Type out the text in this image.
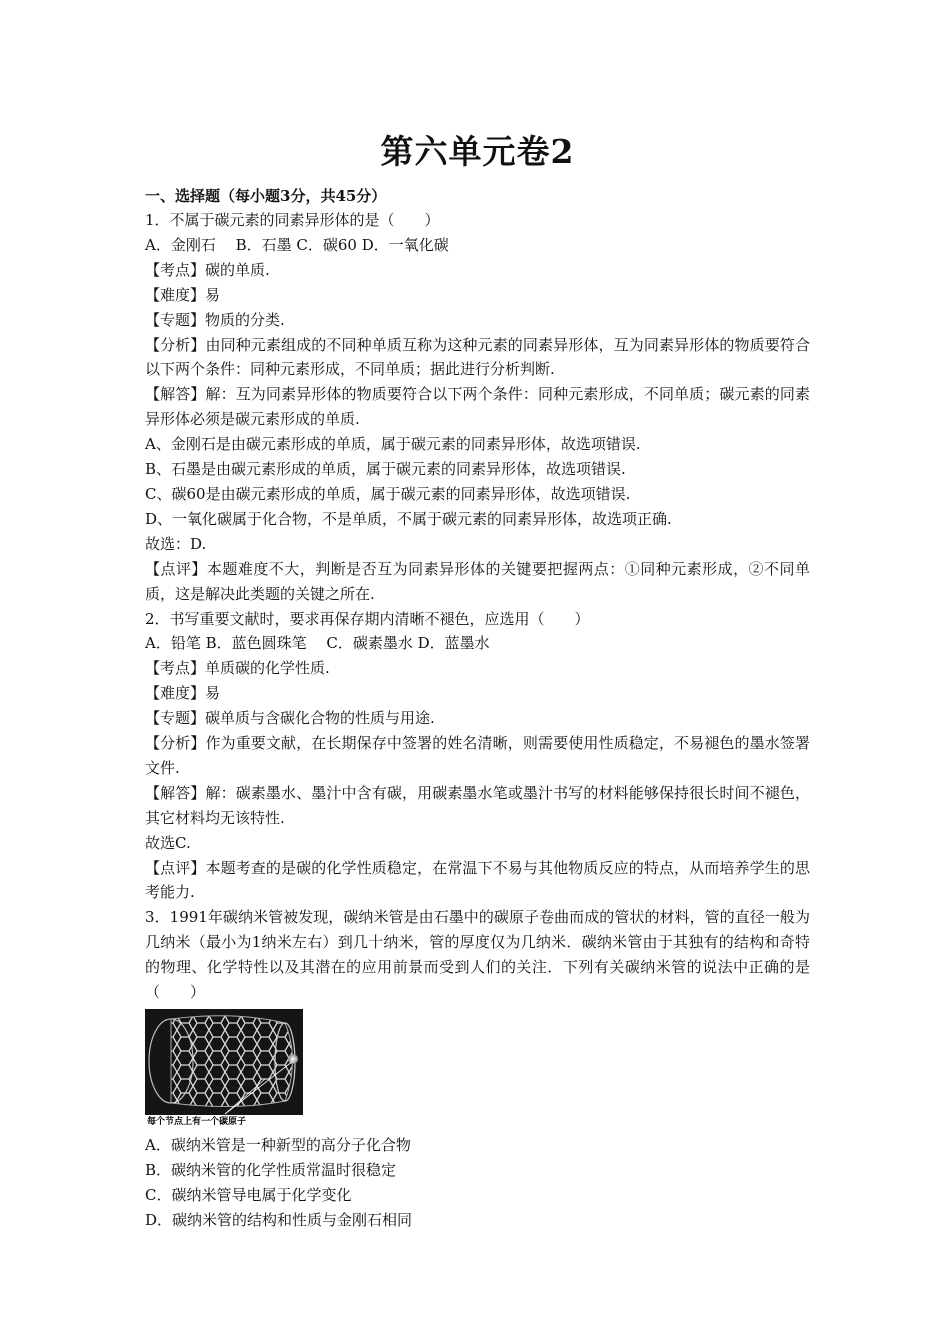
第六单元卷2

一、选择题（每小题3分，共45分）

1．不属于碳元素的同素异形体的是（　　）

A．金刚石　 B．石墨 C．碳60 D．一氧化碳

【考点】碳的单质.

【难度】易

【专题】物质的分类.

【分析】由同种元素组成的不同种单质互称为这种元素的同素异形体，互为同素异形体的物质要符合以下两个条件：同种元素形成，不同单质；据此进行分析判断.

【解答】解：互为同素异形体的物质要符合以下两个条件：同种元素形成，不同单质；碳元素的同素异形体必须是碳元素形成的单质.

A、金刚石是由碳元素形成的单质，属于碳元素的同素异形体，故选项错误.

B、石墨是由碳元素形成的单质，属于碳元素的同素异形体，故选项错误.

C、碳60是由碳元素形成的单质，属于碳元素的同素异形体，故选项错误.

D、一氧化碳属于化合物，不是单质，不属于碳元素的同素异形体，故选项正确.

故选：D.

【点评】本题难度不大，判断是否互为同素异形体的关键要把握两点：①同种元素形成，②不同单质，这是解决此类题的关键之所在.

2．书写重要文献时，要求再保存期内清晰不褪色，应选用（　　）

A．铅笔 B．蓝色圆珠笔　 C．碳素墨水 D．蓝墨水

【考点】单质碳的化学性质.

【难度】易

【专题】碳单质与含碳化合物的性质与用途.

【分析】作为重要文献，在长期保存中签署的姓名清晰，则需要使用性质稳定，不易褪色的墨水签署文件.

【解答】解：碳素墨水、墨汁中含有碳，用碳素墨水笔或墨汁书写的材料能够保持很长时间不褪色，其它材料均无该特性.

故选C.

【点评】本题考查的是碳的化学性质稳定，在常温下不易与其他物质反应的特点，从而培养学生的思考能力.

3．1991年碳纳米管被发现，碳纳米管是由石墨中的碳原子卷曲而成的管状的材料，管的直径一般为几纳米（最小为1纳米左右）到几十纳米，管的厚度仅为几纳米．碳纳米管由于其独有的结构和奇特的物理、化学特性以及其潜在的应用前景而受到人们的关注．下列有关碳纳米管的说法中正确的是（　　）

每个节点上有一个碳原子

A．碳纳米管是一种新型的高分子化合物

B．碳纳米管的化学性质常温时很稳定

C．碳纳米管导电属于化学变化

D．碳纳米管的结构和性质与金刚石相同
